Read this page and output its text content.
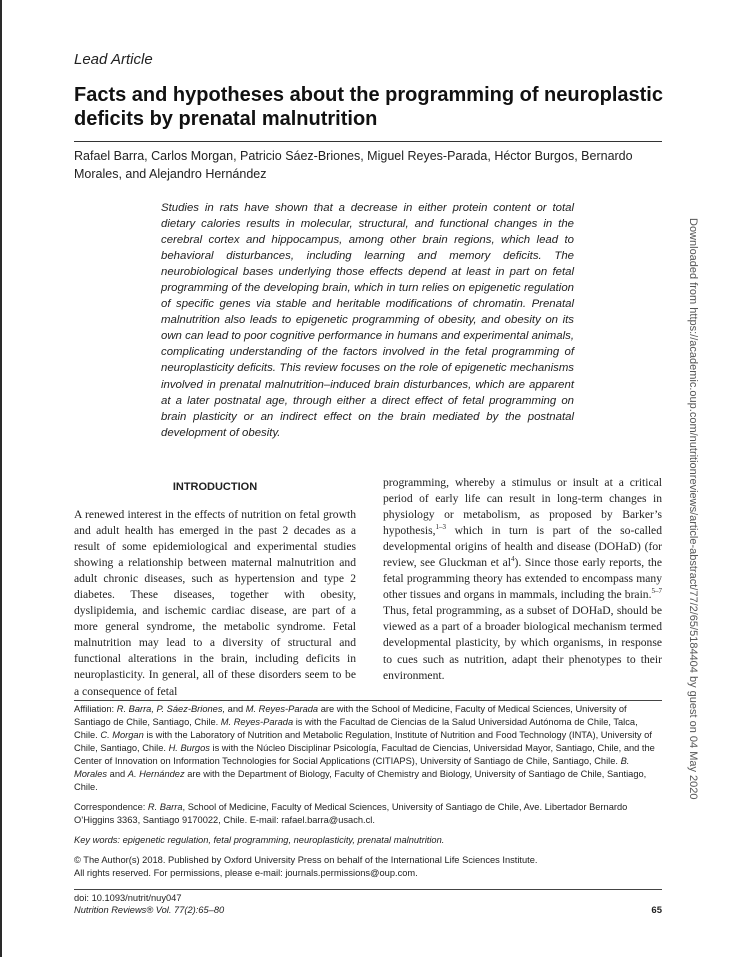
Lead Article
Facts and hypotheses about the programming of neuroplastic deficits by prenatal malnutrition
Rafael Barra, Carlos Morgan, Patricio Sáez-Briones, Miguel Reyes-Parada, Héctor Burgos, Bernardo Morales, and Alejandro Hernández
Studies in rats have shown that a decrease in either protein content or total dietary calories results in molecular, structural, and functional changes in the cerebral cortex and hippocampus, among other brain regions, which lead to behavioral disturbances, including learning and memory deficits. The neurobiological bases underlying those effects depend at least in part on fetal programming of the developing brain, which in turn relies on epigenetic regulation of specific genes via stable and heritable modifications of chromatin. Prenatal malnutrition also leads to epigenetic programming of obesity, and obesity on its own can lead to poor cognitive performance in humans and experimental animals, complicating understanding of the factors involved in the fetal programming of neuroplasticity deficits. This review focuses on the role of epigenetic mechanisms involved in prenatal malnutrition–induced brain disturbances, which are apparent at a later postnatal age, through either a direct effect of fetal programming on brain plasticity or an indirect effect on the brain mediated by the postnatal development of obesity.	Downloaded from https://academic.oup.com/nutritionreviews/article-abstract/77/2/65/5184404 by guest on 04 May 2020
INTRODUCTION
A renewed interest in the effects of nutrition on fetal growth and adult health has emerged in the past 2 decades as a result of some epidemiological and experimental studies showing a relationship between maternal malnutrition and adult chronic diseases, such as hypertension and type 2 diabetes. These diseases, together with obesity, dyslipidemia, and ischemic cardiac disease, are part of a more general syndrome, the metabolic syndrome. Fetal malnutrition may lead to a diversity of structural and functional alterations in the brain, including deficits in neuroplasticity. In general, all of these disorders seem to be a consequence of fetal
programming, whereby a stimulus or insult at a critical period of early life can result in long-term changes in physiology or metabolism, as proposed by Barker’s hypothesis,$^{1-3}$ which in turn is part of the so-called developmental origins of health and disease (DOHaD) (for review, see Gluckman et $al^4$). Since those early reports, the fetal programming theory has extended to encompass many other tissues and organs in mammals, including the brain.$^{5-7}$ Thus, fetal programming, as a subset of DOHaD, should be viewed as a part of a broader biological mechanism termed developmental plasticity, by which organisms, in response to cues such as nutrition, adapt their phenotypes to their environment.
Affiliation: R. Barra, P. Sáez-Briones, and M. Reyes-Parada are with the School of Medicine, Faculty of Medical Sciences, University of Santiago de Chile, Santiago, Chile. M. Reyes-Parada is with the Facultad de Ciencias de la Salud Universidad Autónoma de Chile, Talca, Chile. C. Morgan is with the Laboratory of Nutrition and Metabolic Regulation, Institute of Nutrition and Food Technology (INTA), University of Chile, Santiago, Chile. H. Burgos is with the Núcleo Disciplinar Psicología, Facultad de Ciencias, Universidad Mayor, Santiago, Chile, and the Center of Innovation on Information Technologies for Social Applications (CITIAPS), University of Santiago de Chile, Santiago, Chile. B. Morales and A. Hernández are with the Department of Biology, Faculty of Chemistry and Biology, University of Santiago de Chile, Santiago, Chile.
Correspondence: R. Barra, School of Medicine, Faculty of Medical Sciences, University of Santiago de Chile, Ave. Libertador Bernardo O’Higgins 3363, Santiago 9170022, Chile. E-mail: rafael.barra@usach.cl.
Key words: epigenetic regulation, fetal programming, neuroplasticity, prenatal malnutrition.
© The Author(s) 2018. Published by Oxford University Press on behalf of the International Life Sciences Institute.
All rights reserved. For permissions, please e-mail: journals.permissions@oup.com.
doi: 10.1093/nutrit/nuy047
Nutrition Reviews® Vol. 77(2):65–80	65
